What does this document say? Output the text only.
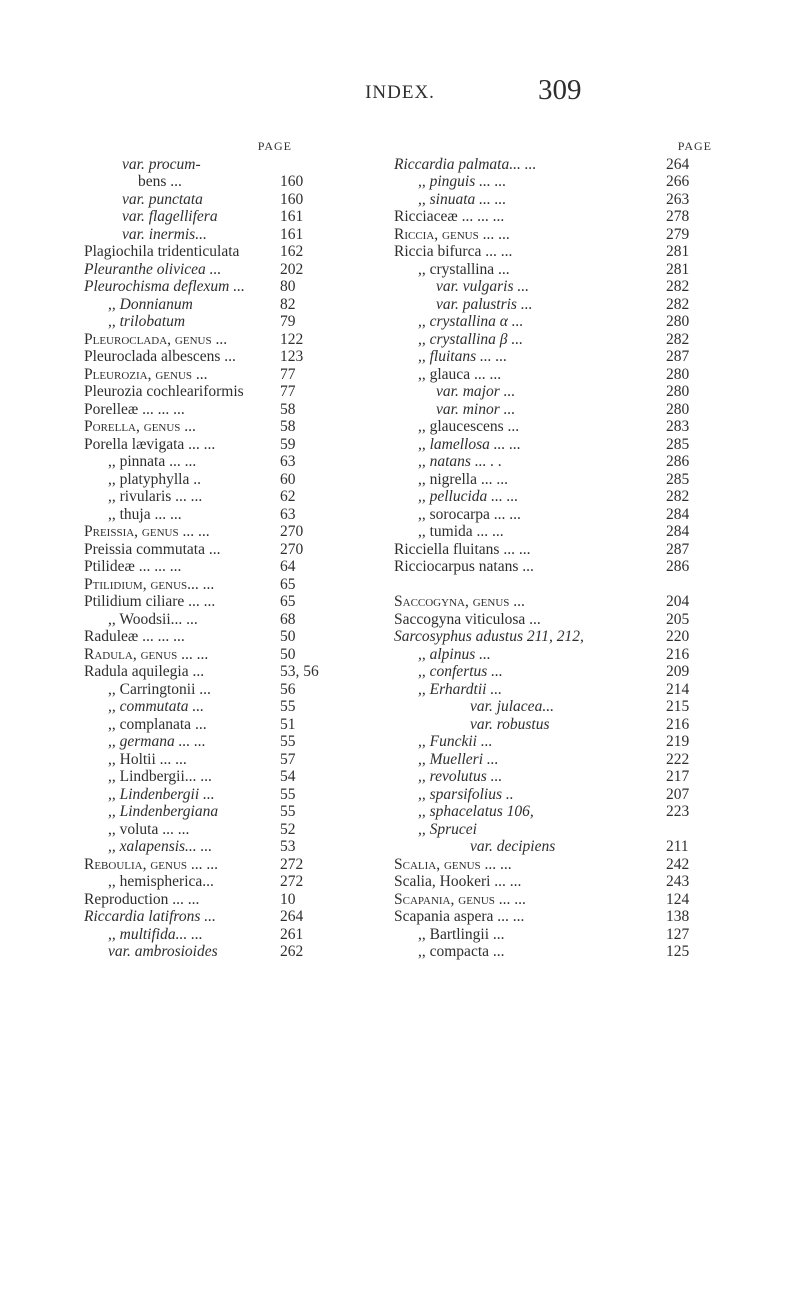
INDEX.	309
PAGE
var. procum-
bens ...	160
var. punctata	160
var. flagellifera	161
var. inermis...	161
Plagiochila tridenticulata	162
Pleuranthe olivicea ...	202
Pleurochisma deflexum ... 80
,, Donnianum	82
,, trilobatum	79
Pleuroclada, genus ...	122
Pleuroclada albescens ...	123
Pleurozia, genus ...	77
Pleurozia cochleariformis 77
Porelleæ ... ... ...	58
Porella, genus ...	58
Porella lævigata ... ...	59
,, pinnata ... ...	63
,, platyphylla ..	60
,, rivularis ... ...	62
,, thuja ... ...	63
Preissia, genus ... ...	270
Preissia commutata ...	270
Ptilideæ ... ... ...	64
Ptilidium, genus... ...	65
Ptilidium ciliare ... ...	65
,, Woodsii... ...	68
Raduleæ ... ... ...	50
Radula, genus ... ...	50
Radula aquilegia ...	53, 56
,, Carringtonii ...	56
,, commutata ...	55
,, complanata ...	51
,, germana ... ...	55
,, Holtii ... ...	57
,, Lindbergii... ...	54
,, Lindenbergii ...	55
,, Lindenbergiana	55
,, voluta ... ...	52
,, xalapensis... ...	53
Reboulia, genus ... ...	272
,, hemispherica...	272
Reproduction ... ...	10
Riccardia latifrons ...	264
,, multifida... ...	261
var. ambrosioides	262
PAGE
Riccardia palmata... ...	264
,, pinguis ... ...	266
,, sinuata ... ...	263
Ricciaceæ ... ... ...	278
Riccia, genus ... ...	279
Riccia bifurca ... ...	281
,, crystallina ...	281
var. vulgaris ...	282
var. palustris ...	282
,, crystallina α ...	280
,, crystallina β ...	282
,, fluitans ... ...	287
,, glauca ... ...	280
var. major ...	280
var. minor ...	280
,, glaucescens ...	283
,, lamellosa ... ...	285
,, natans ... . .	286
,, nigrella ... ...	285
,, pellucida ... ...	282
,, sorocarpa ... ...	284
,, tumida ... ...	284
Ricciella fluitans ... ...	287
Ricciocarpus natans ...	286
Saccogyna, genus ...	204
Saccogyna viticulosa ...	205
Sarcosyphus adustus 211, 212,	220
,, alpinus ...	216
,, confertus ...	209
,, Erhardtii ...	214
var. julacea...	215
var. robustus	216
,, Funckii ...	219
,, Muelleri ...	222
,, revolutus ...	217
,, sparsifolius ..	207
,, sphacelatus 106,	223
,, Sprucei
var. decipiens	211
Scalia, genus ... ...	242
Scalia, Hookeri ... ...	243
Scapania, genus ... ...	124
Scapania aspera ... ...	138
,, Bartlingii ...	127
,, compacta ...	125
